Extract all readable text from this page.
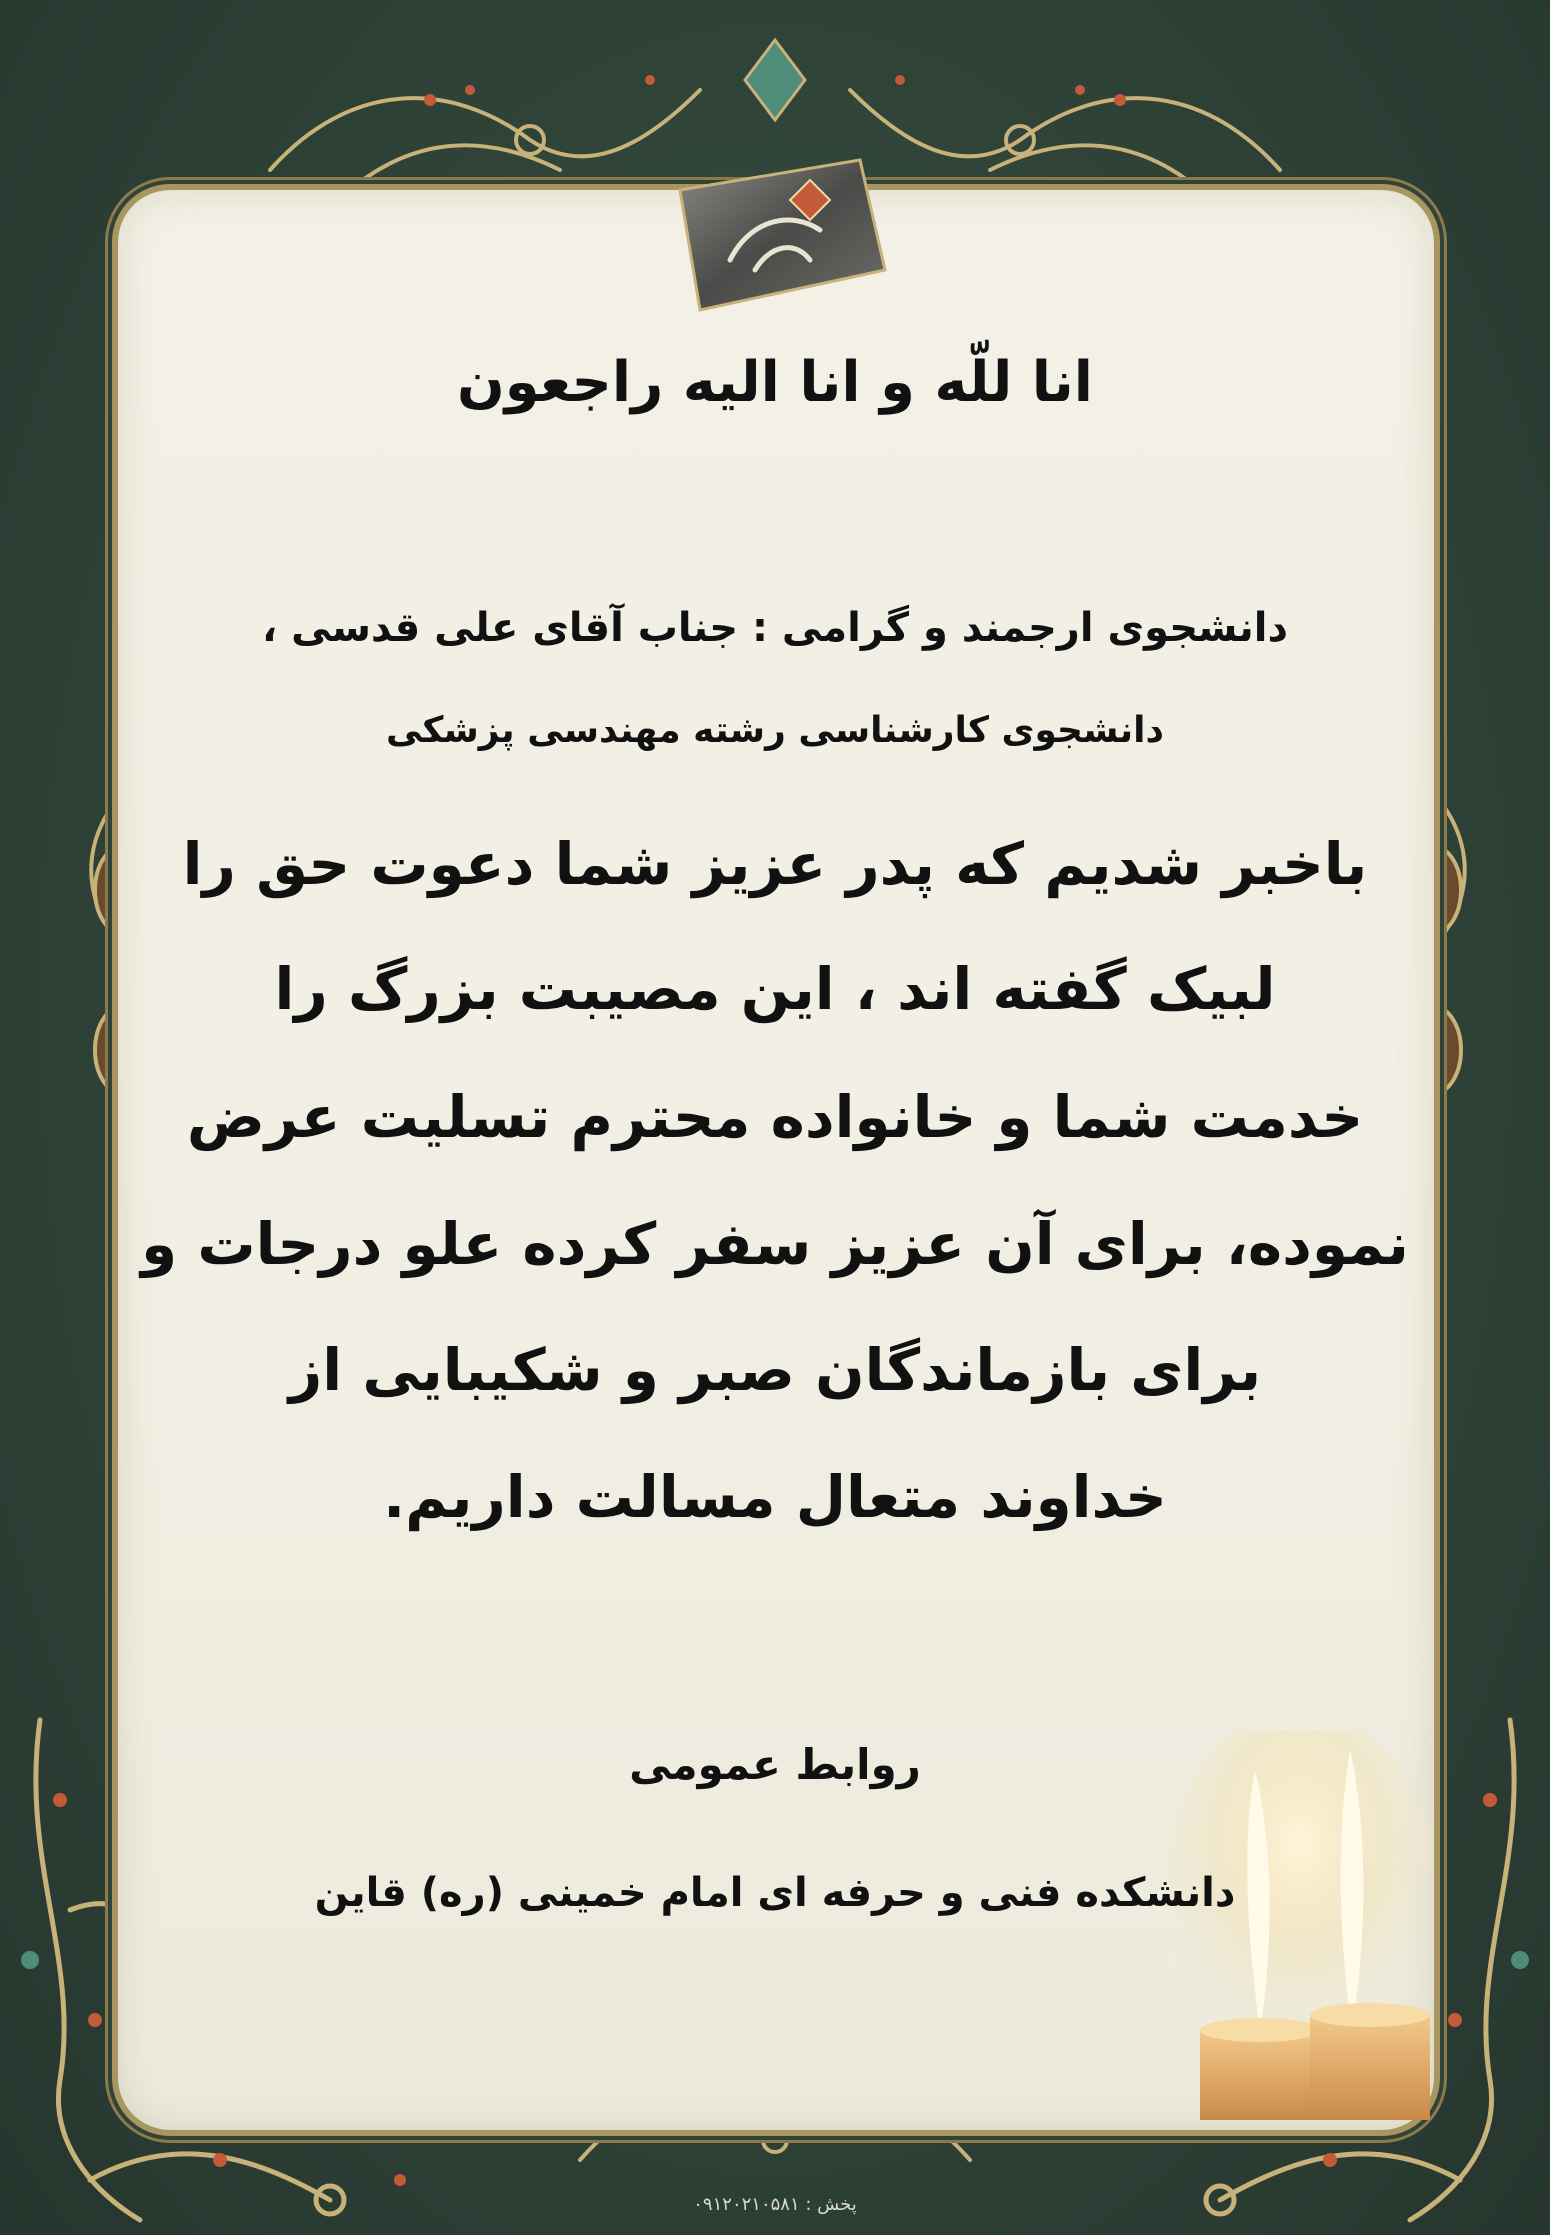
انا للّه و انا الیه راجعون
دانشجوی ارجمند و گرامی : جناب آقای علی قدسی ،
دانشجوی کارشناسی رشته مهندسی پزشکی
باخبر شدیم که پدر عزیز شما دعوت حق را
لبیک گفته اند ، این مصیبت بزرگ را
خدمت شما و خانواده محترم تسلیت عرض
نموده، برای آن عزیز سفر کرده علو درجات و
برای بازماندگان صبر و شکیبایی از
خداوند متعال مسالت داریم.
روابط عمومی
دانشکده فنی و حرفه ای امام خمینی (ره) قاین
پخش : ۰۹۱۲۰۲۱۰۵۸۱
